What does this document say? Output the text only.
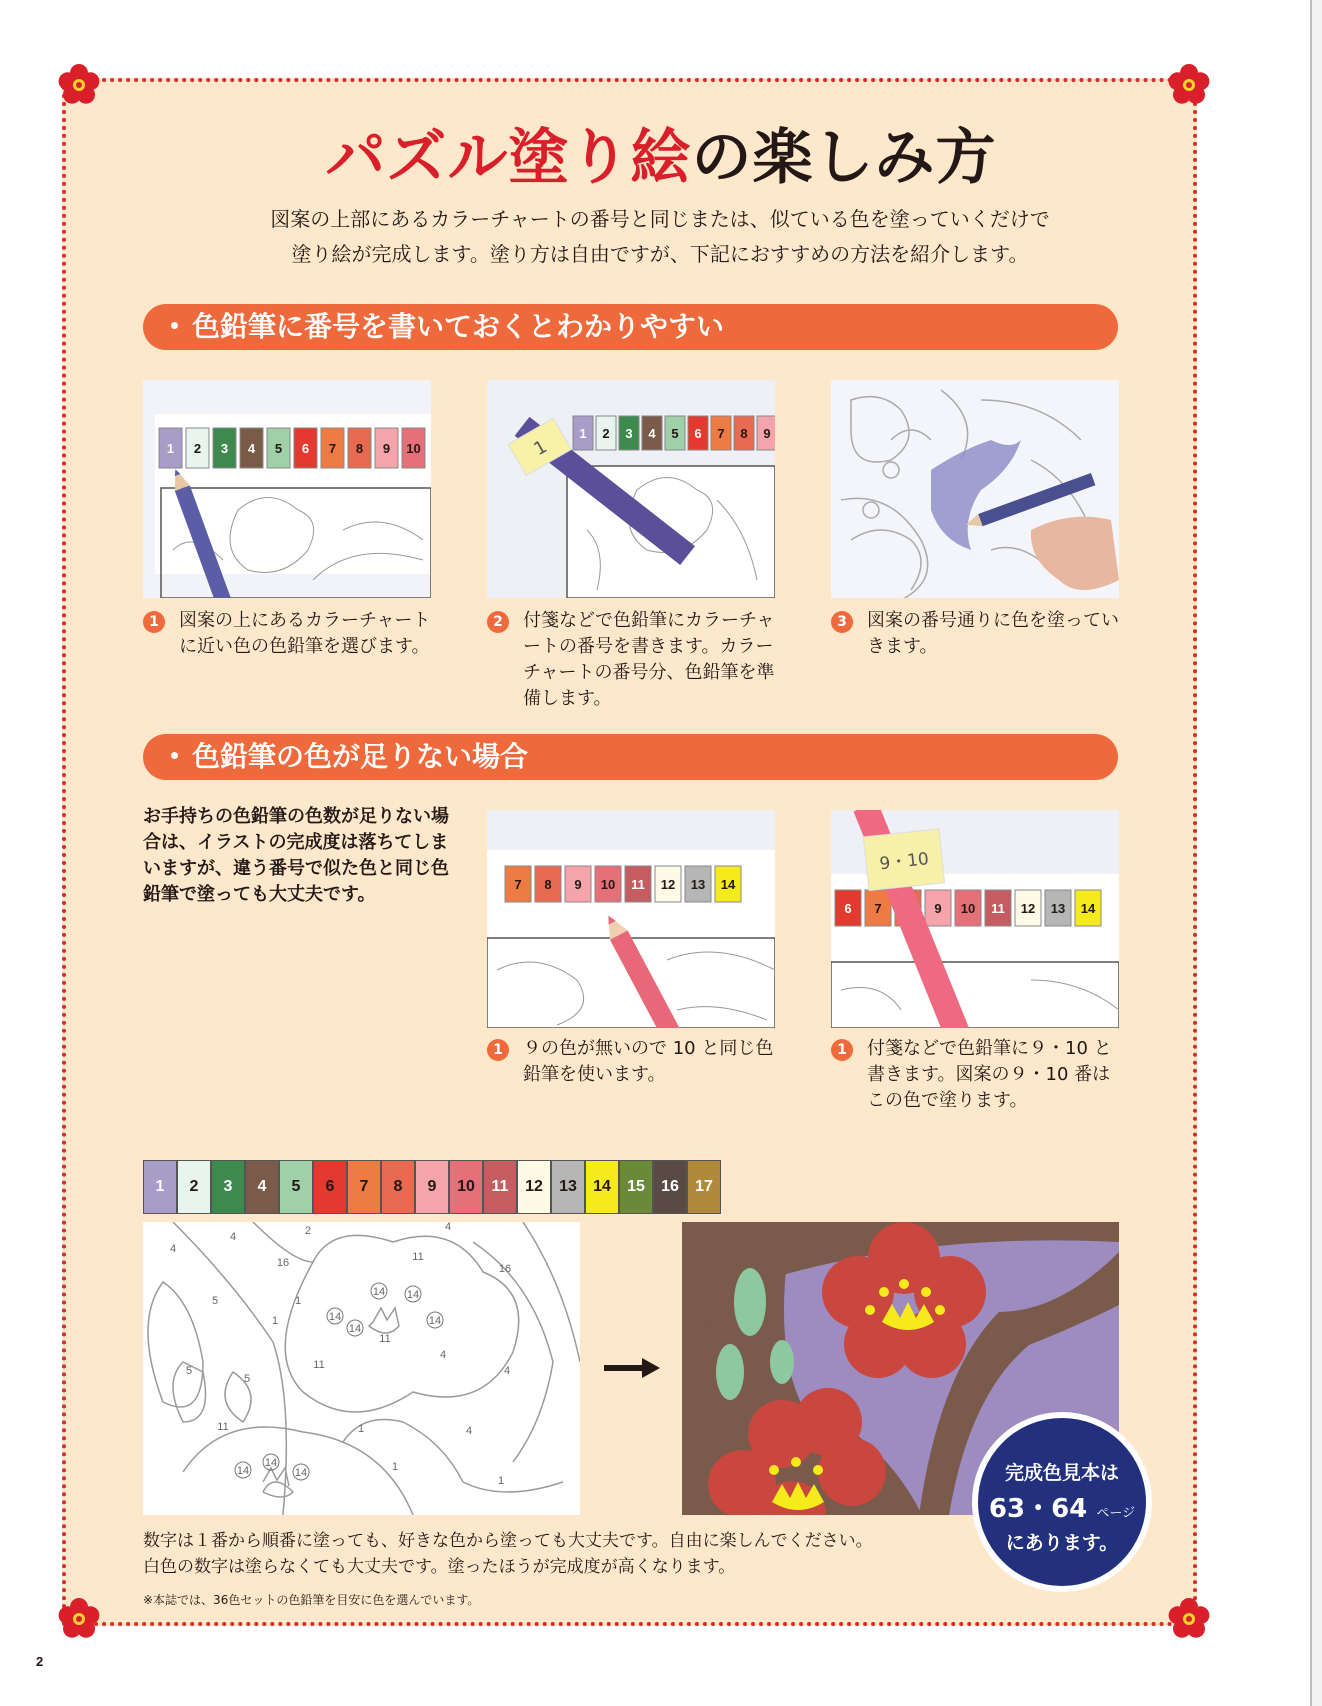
パズル塗り絵の楽しみ方
図案の上部にあるカラーチャートの番号と同じまたは、似ている色を塗っていくだけで
塗り絵が完成します。塗り方は自由ですが、下記におすすめの方法を紹介します。
色鉛筆に番号を書いておくとわかりやすい
1 2 3 4 5 6 7 8 9 10
1 2 3 4 5 6 7 8 9
1
1	図案の上にあるカラーチャートに近い色の色鉛筆を選びます。
2	付箋などで色鉛筆にカラーチャートの番号を書きます。カラーチャートの番号分、色鉛筆を準備します。
3	図案の番号通りに色を塗っていきます。
色鉛筆の色が足りない場合
お手持ちの色鉛筆の色数が足りない場合は、イラストの完成度は落ちてしまいますが、違う番号で似た色と同じ色鉛筆で塗っても大丈夫です。	7 8 9 10 11 12 13 14
6 7	9 10 11 12 13 14
9・10
1	９の色が無いので 10 と同じ色鉛筆を使います。
1	付箋などで色鉛筆に９・10 と書きます。図案の９・10 番はこの色で塗ります。
1	2	3	4	5	6	7	8	9	10	11	12	13	14	15	16	17
4
4	2	4
16	11
16
5	1
14 14
14
14
14
11
1
5
5
11
4
11
4
1	4
14
14
14	1
1	完成色見本は
63・64 ページ
にあります。
数字は１番から順番に塗っても、好きな色から塗っても大丈夫です。自由に楽しんでください。
白色の数字は塗らなくても大丈夫です。塗ったほうが完成度が高くなります。
※本誌では、36色セットの色鉛筆を目安に色を選んでいます。
2
